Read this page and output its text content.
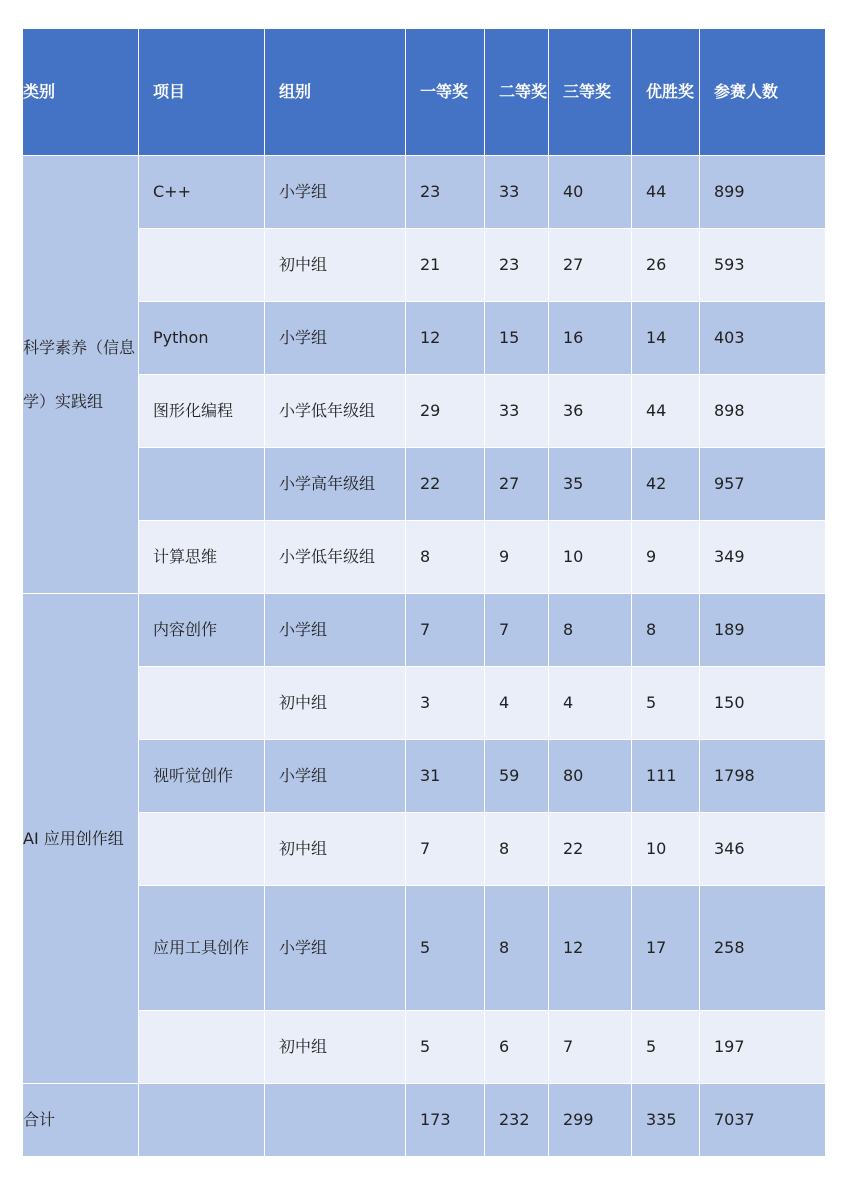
类别	项目	组别	一等奖	二等奖	三等奖	优胜奖	参赛人数
科学素养（信息学）实践组	C++	小学组	23	33	40	44	899
		初中组	21	23	27	26	593
	Python	小学组	12	15	16	14	403
	图形化编程	小学低年级组	29	33	36	44	898
		小学高年级组	22	27	35	42	957
	计算思维	小学低年级组	8	9	10	9	349
AI 应用创作组	内容创作	小学组	7	7	8	8	189
		初中组	3	4	4	5	150
	视听觉创作	小学组	31	59	80	111	1798
		初中组	7	8	22	10	346
	应用工具创作	小学组	5	8	12	17	258
		初中组	5	6	7	5	197
合计			173	232	299	335	7037
